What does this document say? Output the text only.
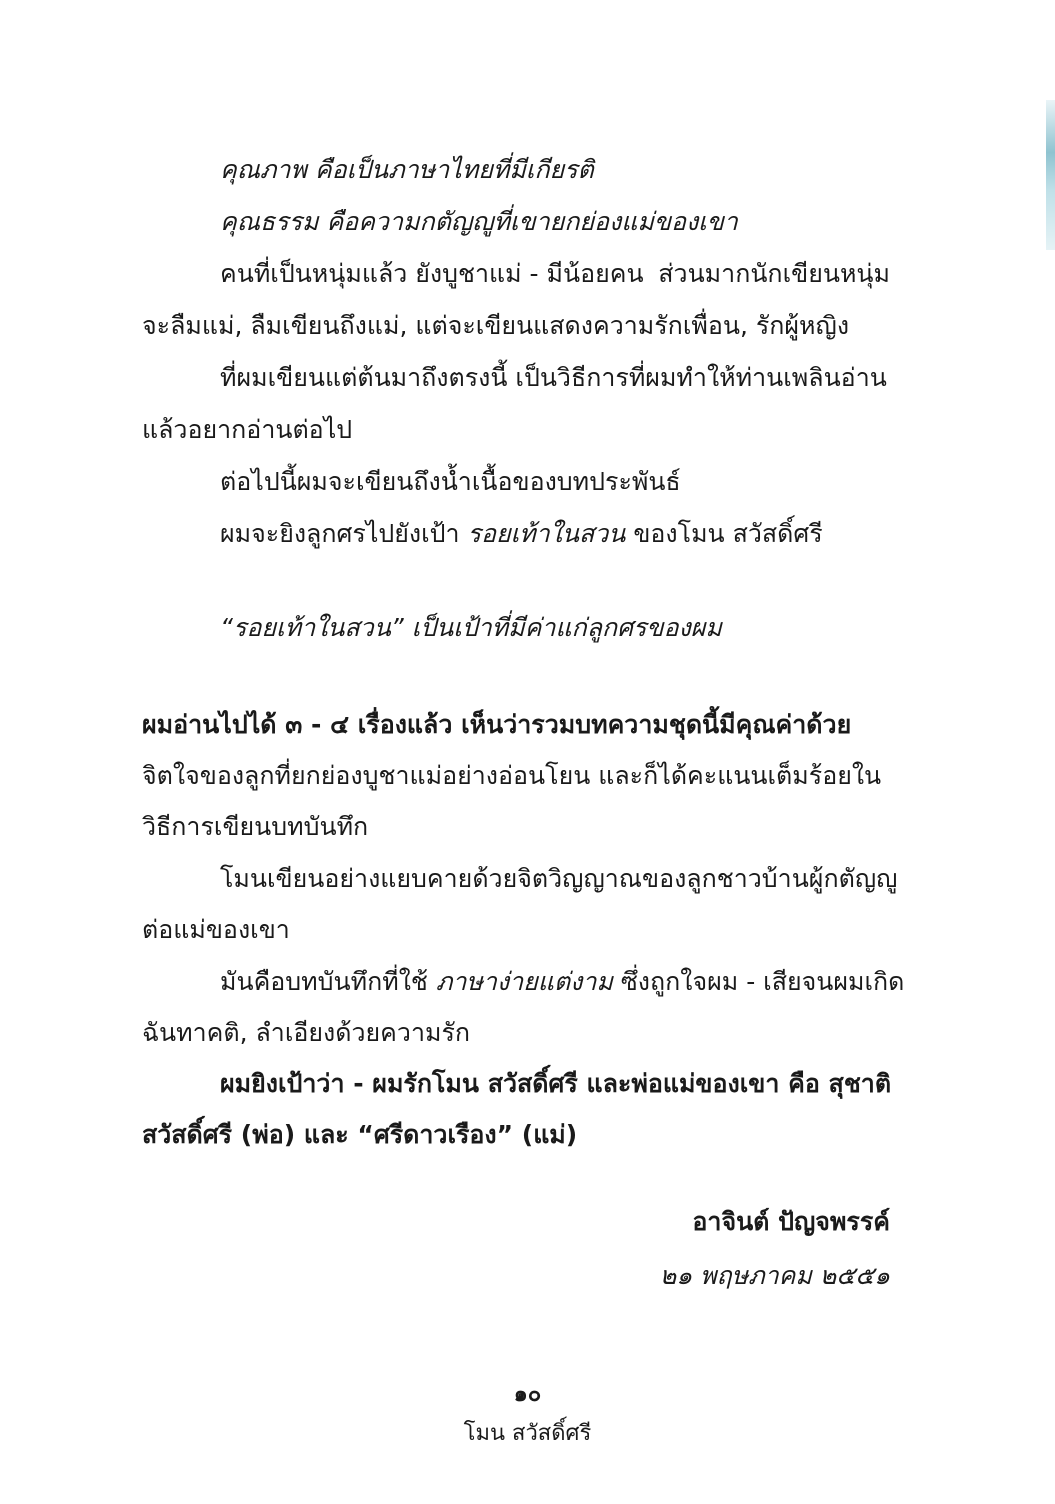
คุณภาพ คือเป็นภาษาไทยที่มีเกียรติ
คุณธรรม คือความกตัญญูที่เขายกย่องแม่ของเขา
คนที่เป็นหนุ่มแล้ว ยังบูชาแม่ - มีน้อยคน ส่วนมากนักเขียนหนุ่ม
จะลืมแม่, ลืมเขียนถึงแม่, แต่จะเขียนแสดงความรักเพื่อน, รักผู้หญิง
ที่ผมเขียนแต่ต้นมาถึงตรงนี้ เป็นวิธีการที่ผมทำให้ท่านเพลินอ่าน
แล้วอยากอ่านต่อไป
ต่อไปนี้ผมจะเขียนถึงน้ำเนื้อของบทประพันธ์
ผมจะยิงลูกศรไปยังเป้า รอยเท้าในสวน ของโมน สวัสดิ์ศรี
“รอยเท้าในสวน” เป็นเป้าที่มีค่าแก่ลูกศรของผม
ผมอ่านไปได้ ๓ - ๔ เรื่องแล้ว เห็นว่ารวมบทความชุดนี้มีคุณค่าด้วย
จิตใจของลูกที่ยกย่องบูชาแม่อย่างอ่อนโยน และก็ได้คะแนนเต็มร้อยใน
วิธีการเขียนบทบันทึก
โมนเขียนอย่างแยบคายด้วยจิตวิญญาณของลูกชาวบ้านผู้กตัญญู
ต่อแม่ของเขา
มันคือบทบันทึกที่ใช้ ภาษาง่ายแต่งาม ซึ่งถูกใจผม - เสียจนผมเกิด
ฉันทาคติ, ลำเอียงด้วยความรัก
ผมยิงเป้าว่า - ผมรักโมน สวัสดิ์ศรี และพ่อแม่ของเขา คือ สุชาติ
สวัสดิ์ศรี (พ่อ) และ “ศรีดาวเรือง” (แม่)
อาจินต์ ปัญจพรรค์
๒๑ พฤษภาคม ๒๕๕๑
๑๐
โมน สวัสดิ์ศรี
